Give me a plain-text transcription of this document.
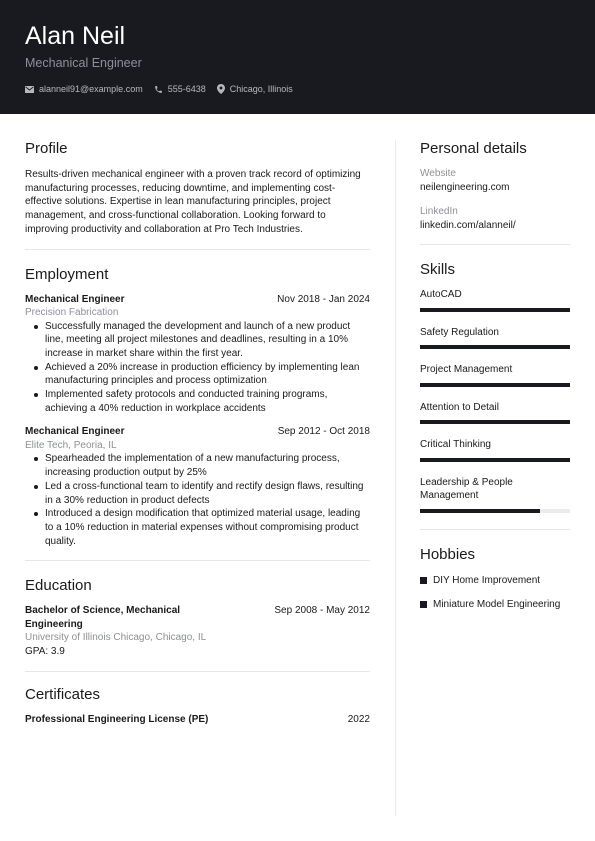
Alan Neil
Mechanical Engineer
alanneil91@example.com	555-6438	Chicago, Illinois
Profile

Results-driven mechanical engineer with a proven track record of optimizing manufacturing processes, reducing downtime, and implementing cost-effective solutions. Expertise in lean manufacturing principles, project management, and cross-functional collaboration. Looking forward to improving productivity and collaboration at Pro Tech Industries.

Employment
Mechanical Engineer	Nov 2018 - Jan 2024
Precision Fabrication
Successfully managed the development and launch of a new product line, meeting all project milestones and deadlines, resulting in a 10% increase in market share within the first year.
Achieved a 20% increase in production efficiency by implementing lean manufacturing principles and process optimization
Implemented safety protocols and conducted training programs, achieving a 40% reduction in workplace accidents
Mechanical Engineer	Sep 2012 - Oct 2018
Elite Tech, Peoria, IL
Spearheaded the implementation of a new manufacturing process, increasing production output by 25%
Led a cross-functional team to identify and rectify design flaws, resulting in a 30% reduction in product defects
Introduced a design modification that optimized material usage, leading to a 10% reduction in material expenses without compromising product quality.
Education
Bachelor of Science, Mechanical Engineering
Sep 2008 - May 2012
University of Illinois Chicago, Chicago, IL
GPA: 3.9
Certificates
Professional Engineering License (PE)	2022
Personal details
Website
neilengineering.com
LinkedIn
linkedin.com/alanneil/
Skills
AutoCAD
Safety Regulation
Project Management
Attention to Detail
Critical Thinking
Leadership & People Management
Hobbies
DIY Home Improvement
Miniature Model Engineering
